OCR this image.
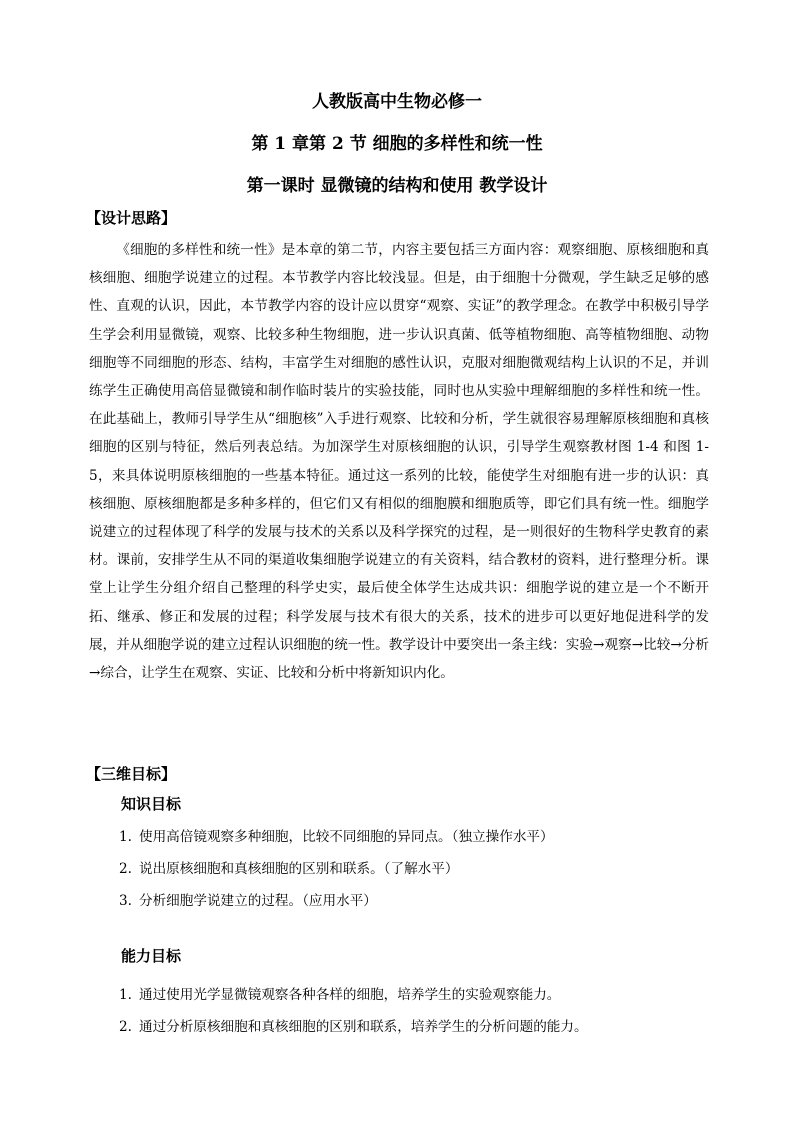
人教版高中生物必修一
第 1 章第 2 节 细胞的多样性和统一性
第一课时 显微镜的结构和使用 教学设计
【设计思路】

《细胞的多样性和统一性》是本章的第二节，内容主要包括三方面内容：观察细胞、原核细胞和真核细胞、细胞学说建立的过程。本节教学内容比较浅显。但是，由于细胞十分微观，学生缺乏足够的感性、直观的认识，因此，本节教学内容的设计应以贯穿“观察、实证”的教学理念。在教学中积极引导学生学会利用显微镜，观察、比较多种生物细胞，进一步认识真菌、低等植物细胞、高等植物细胞、动物细胞等不同细胞的形态、结构，丰富学生对细胞的感性认识，克服对细胞微观结构上认识的不足，并训练学生正确使用高倍显微镜和制作临时装片的实验技能，同时也从实验中理解细胞的多样性和统一性。在此基础上，教师引导学生从“细胞核”入手进行观察、比较和分析，学生就很容易理解原核细胞和真核细胞的区别与特征，然后列表总结。为加深学生对原核细胞的认识，引导学生观察教材图 1-4 和图 1-5，来具体说明原核细胞的一些基本特征。通过这一系列的比较，能使学生对细胞有进一步的认识：真核细胞、原核细胞都是多种多样的，但它们又有相似的细胞膜和细胞质等，即它们具有统一性。细胞学说建立的过程体现了科学的发展与技术的关系以及科学探究的过程，是一则很好的生物科学史教育的素材。课前，安排学生从不同的渠道收集细胞学说建立的有关资料，结合教材的资料，进行整理分析。课堂上让学生分组介绍自己整理的科学史实，最后使全体学生达成共识：细胞学说的建立是一个不断开拓、继承、修正和发展的过程；科学发展与技术有很大的关系，技术的进步可以更好地促进科学的发展，并从细胞学说的建立过程认识细胞的统一性。教学设计中要突出一条主线：实验→观察→比较→分析→综合，让学生在观察、实证、比较和分析中将新知识内化。

【三维目标】
知识目标
1. 使用高倍镜观察多种细胞，比较不同细胞的异同点。（独立操作水平）
2. 说出原核细胞和真核细胞的区别和联系。（了解水平）
3. 分析细胞学说建立的过程。（应用水平）
能力目标
1. 通过使用光学显微镜观察各种各样的细胞，培养学生的实验观察能力。
2. 通过分析原核细胞和真核细胞的区别和联系，培养学生的分析问题的能力。
